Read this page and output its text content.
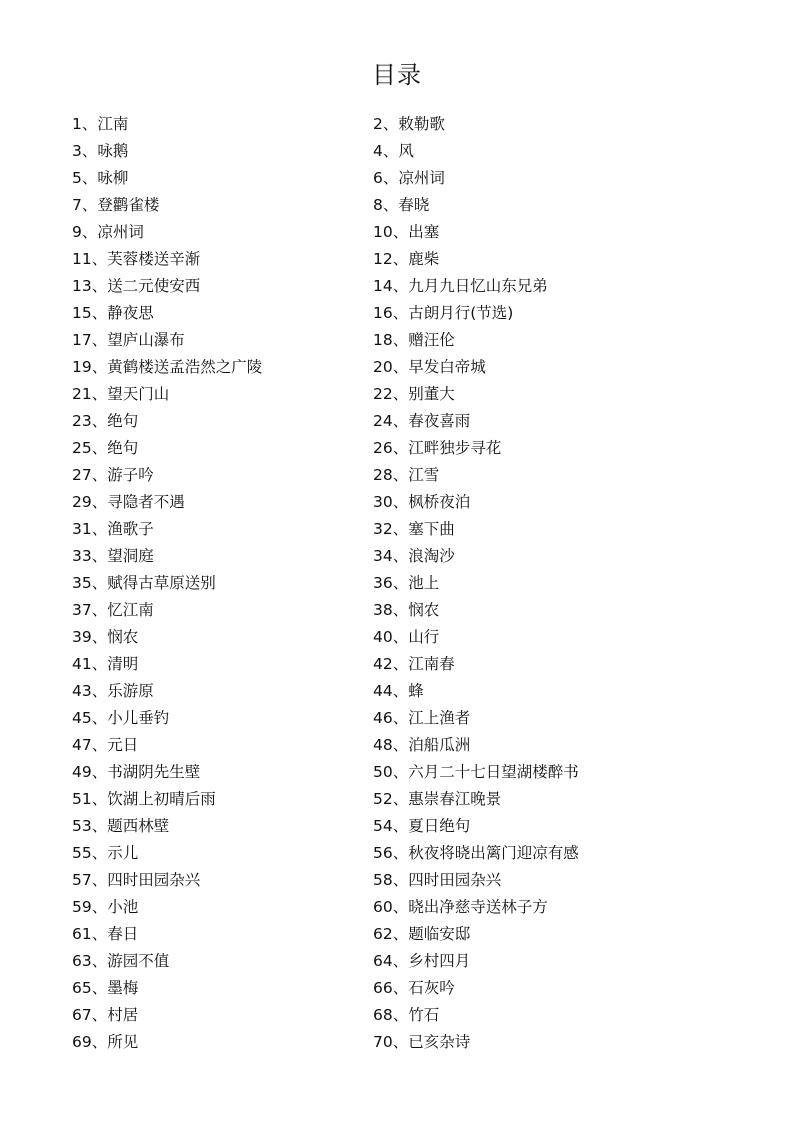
目录
1、江南	2、敕勒歌
3、咏鹅	4、风
5、咏柳	6、凉州词
7、登鹳雀楼	8、春晓
9、凉州词	10、出塞
11、芙蓉楼送辛渐	12、鹿柴
13、送二元使安西	14、九月九日忆山东兄弟
15、静夜思	16、古朗月行(节选)
17、望庐山瀑布	18、赠汪伦
19、黄鹤楼送孟浩然之广陵	20、早发白帝城
21、望天门山	22、别董大
23、绝句	24、春夜喜雨
25、绝句	26、江畔独步寻花
27、游子吟	28、江雪
29、寻隐者不遇	30、枫桥夜泊
31、渔歌子	32、塞下曲
33、望洞庭	34、浪淘沙
35、赋得古草原送别	36、池上
37、忆江南	38、悯农
39、悯农	40、山行
41、清明	42、江南春
43、乐游原	44、蜂
45、小儿垂钓	46、江上渔者
47、元日	48、泊船瓜洲
49、书湖阴先生壁	50、六月二十七日望湖楼醉书
51、饮湖上初晴后雨	52、惠崇春江晚景
53、题西林壁	54、夏日绝句
55、示儿	56、秋夜将晓出篱门迎凉有感
57、四时田园杂兴	58、四时田园杂兴
59、小池	60、晓出净慈寺送林子方
61、春日	62、题临安邸
63、游园不值	64、乡村四月
65、墨梅	66、石灰吟
67、村居	68、竹石
69、所见	70、已亥杂诗
